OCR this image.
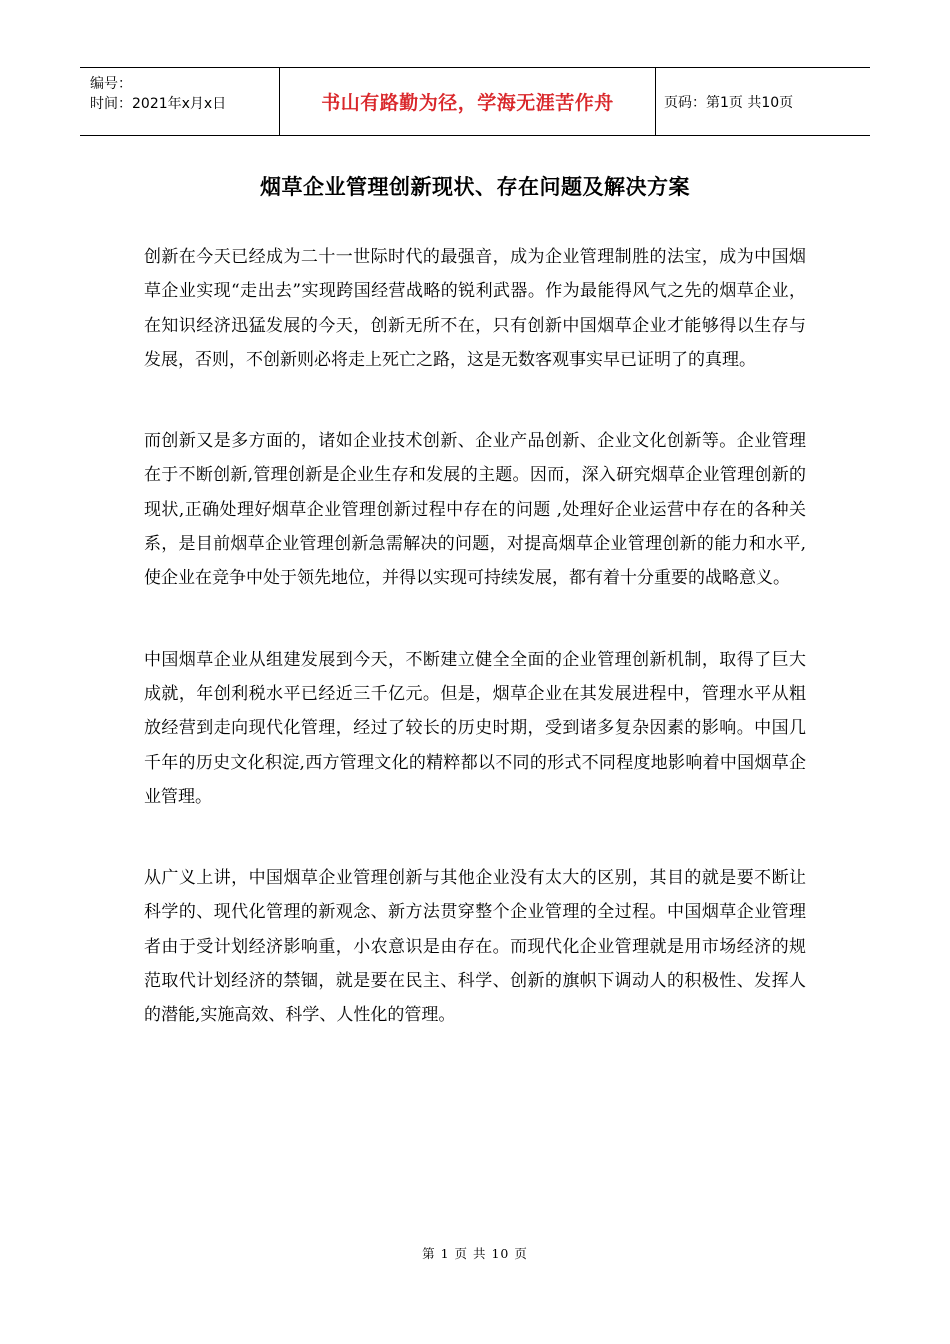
编号：
时间：2021年x月x日	书山有路勤为径，学海无涯苦作舟	页码：第1页 共10页
烟草企业管理创新现状、存在问题及解决方案

创新在今天已经成为二十一世际时代的最强音，成为企业管理制胜的法宝，成为中国烟草企业实现“走出去”实现跨国经营战略的锐利武器。作为最能得风气之先的烟草企业，在知识经济迅猛发展的今天，创新无所不在，只有创新中国烟草企业才能够得以生存与发展，否则，不创新则必将走上死亡之路，这是无数客观事实早已证明了的真理。

而创新又是多方面的，诸如企业技术创新、企业产品创新、企业文化创新等。企业管理在于不断创新,管理创新是企业生存和发展的主题。因而，深入研究烟草企业管理创新的现状,正确处理好烟草企业管理创新过程中存在的问题 ,处理好企业运营中存在的各种关系，是目前烟草企业管理创新急需解决的问题，对提高烟草企业管理创新的能力和水平,使企业在竞争中处于领先地位，并得以实现可持续发展，都有着十分重要的战略意义。

中国烟草企业从组建发展到今天，不断建立健全全面的企业管理创新机制，取得了巨大成就，年创利税水平已经近三千亿元。但是，烟草企业在其发展进程中，管理水平从粗放经营到走向现代化管理，经过了较长的历史时期，受到诸多复杂因素的影响。中国几千年的历史文化积淀,西方管理文化的精粹都以不同的形式不同程度地影响着中国烟草企业管理。

从广义上讲，中国烟草企业管理创新与其他企业没有太大的区别，其目的就是要不断让科学的、现代化管理的新观念、新方法贯穿整个企业管理的全过程。中国烟草企业管理者由于受计划经济影响重，小农意识是由存在。而现代化企业管理就是用市场经济的规范取代计划经济的禁锢，就是要在民主、科学、创新的旗帜下调动人的积极性、发挥人的潜能,实施高效、科学、人性化的管理。

第 1 页 共 10 页
